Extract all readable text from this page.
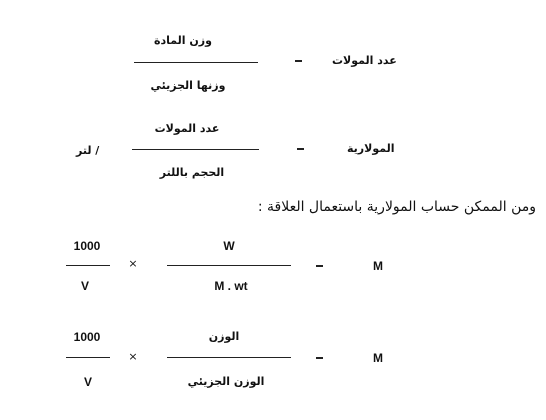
وزن المادة
وزنها الجزيئي
عدد المولات
عدد المولات
الحجم باللتر
المولارية
/ لتر
ومن الممكن حساب المولارية باستعمال العلاقة :
1000
V
×
W
M . wt
M
1000
V
×
الوزن
الوزن الجزيئي
M
